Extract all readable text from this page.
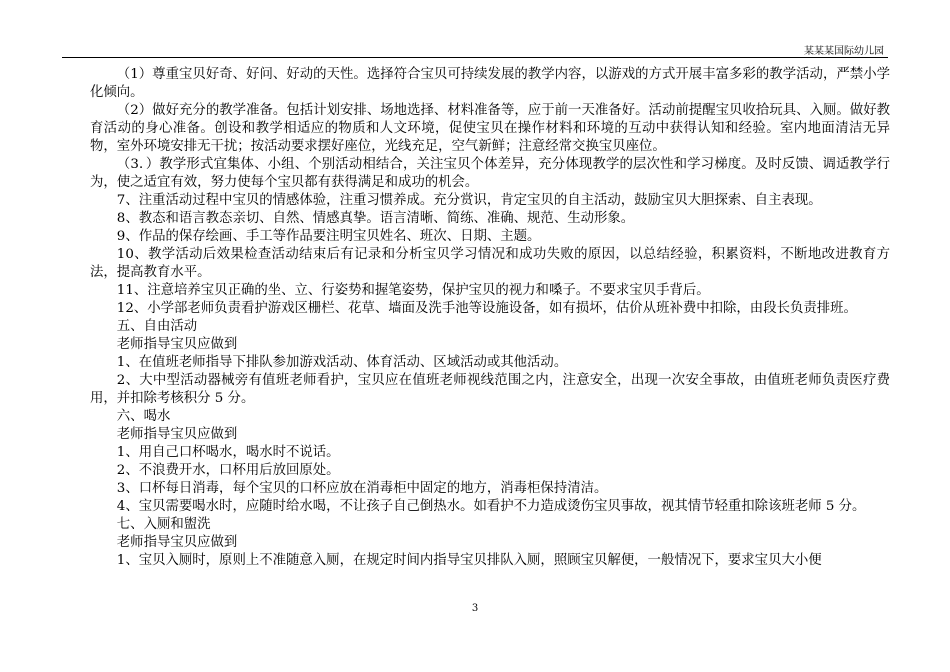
某某某国际幼儿园

（1）尊重宝贝好奇、好问、好动的天性。选择符合宝贝可持续发展的教学内容，以游戏的方式开展丰富多彩的教学活动，严禁小学化倾向。

（2）做好充分的教学准备。包括计划安排、场地选择、材料准备等，应于前一天准备好。活动前提醒宝贝收拾玩具、入厕。做好教育活动的身心准备。创设和教学相适应的物质和人文环境，促使宝贝在操作材料和环境的互动中获得认知和经验。室内地面清洁无异物，室外环境安排无干扰；按活动要求摆好座位，光线充足，空气新鲜；注意经常交换宝贝座位。

（3．）教学形式宜集体、小组、个别活动相结合，关注宝贝个体差异，充分体现教学的层次性和学习梯度。及时反馈、调适教学行为，使之适宜有效，努力使每个宝贝都有获得满足和成功的机会。

7、注重活动过程中宝贝的情感体验，注重习惯养成。充分赏识，肯定宝贝的自主活动，鼓励宝贝大胆探索、自主表现。

8、教态和语言教态亲切、自然、情感真挚。语言清晰、简练、准确、规范、生动形象。

9、作品的保存绘画、手工等作品要注明宝贝姓名、班次、日期、主题。

10、教学活动后效果检查活动结束后有记录和分析宝贝学习情况和成功失败的原因，以总结经验，积累资料，不断地改进教育方法，提高教育水平。

11、注意培养宝贝正确的坐、立、行姿势和握笔姿势，保护宝贝的视力和嗓子。不要求宝贝手背后。

12、小学部老师负责看护游戏区栅栏、花草、墙面及洗手池等设施设备，如有损坏，估价从班补费中扣除，由段长负责排班。

五、自由活动

老师指导宝贝应做到

1、在值班老师指导下排队参加游戏活动、体育活动、区域活动或其他活动。

2、大中型活动器械旁有值班老师看护，宝贝应在值班老师视线范围之内，注意安全，出现一次安全事故，由值班老师负责医疗费用，并扣除考核积分 5 分。

六、喝水

老师指导宝贝应做到

1、用自己口杯喝水，喝水时不说话。

2、不浪费开水，口杯用后放回原处。

3、口杯每日消毒，每个宝贝的口杯应放在消毒柜中固定的地方，消毒柜保持清洁。

4、宝贝需要喝水时，应随时给水喝，不让孩子自己倒热水。如看护不力造成烫伤宝贝事故，视其情节轻重扣除该班老师 5 分。

七、入厕和盥洗

老师指导宝贝应做到

1、宝贝入厕时，原则上不准随意入厕，在规定时间内指导宝贝排队入厕，照顾宝贝解便，一般情况下，要求宝贝大小便

3
